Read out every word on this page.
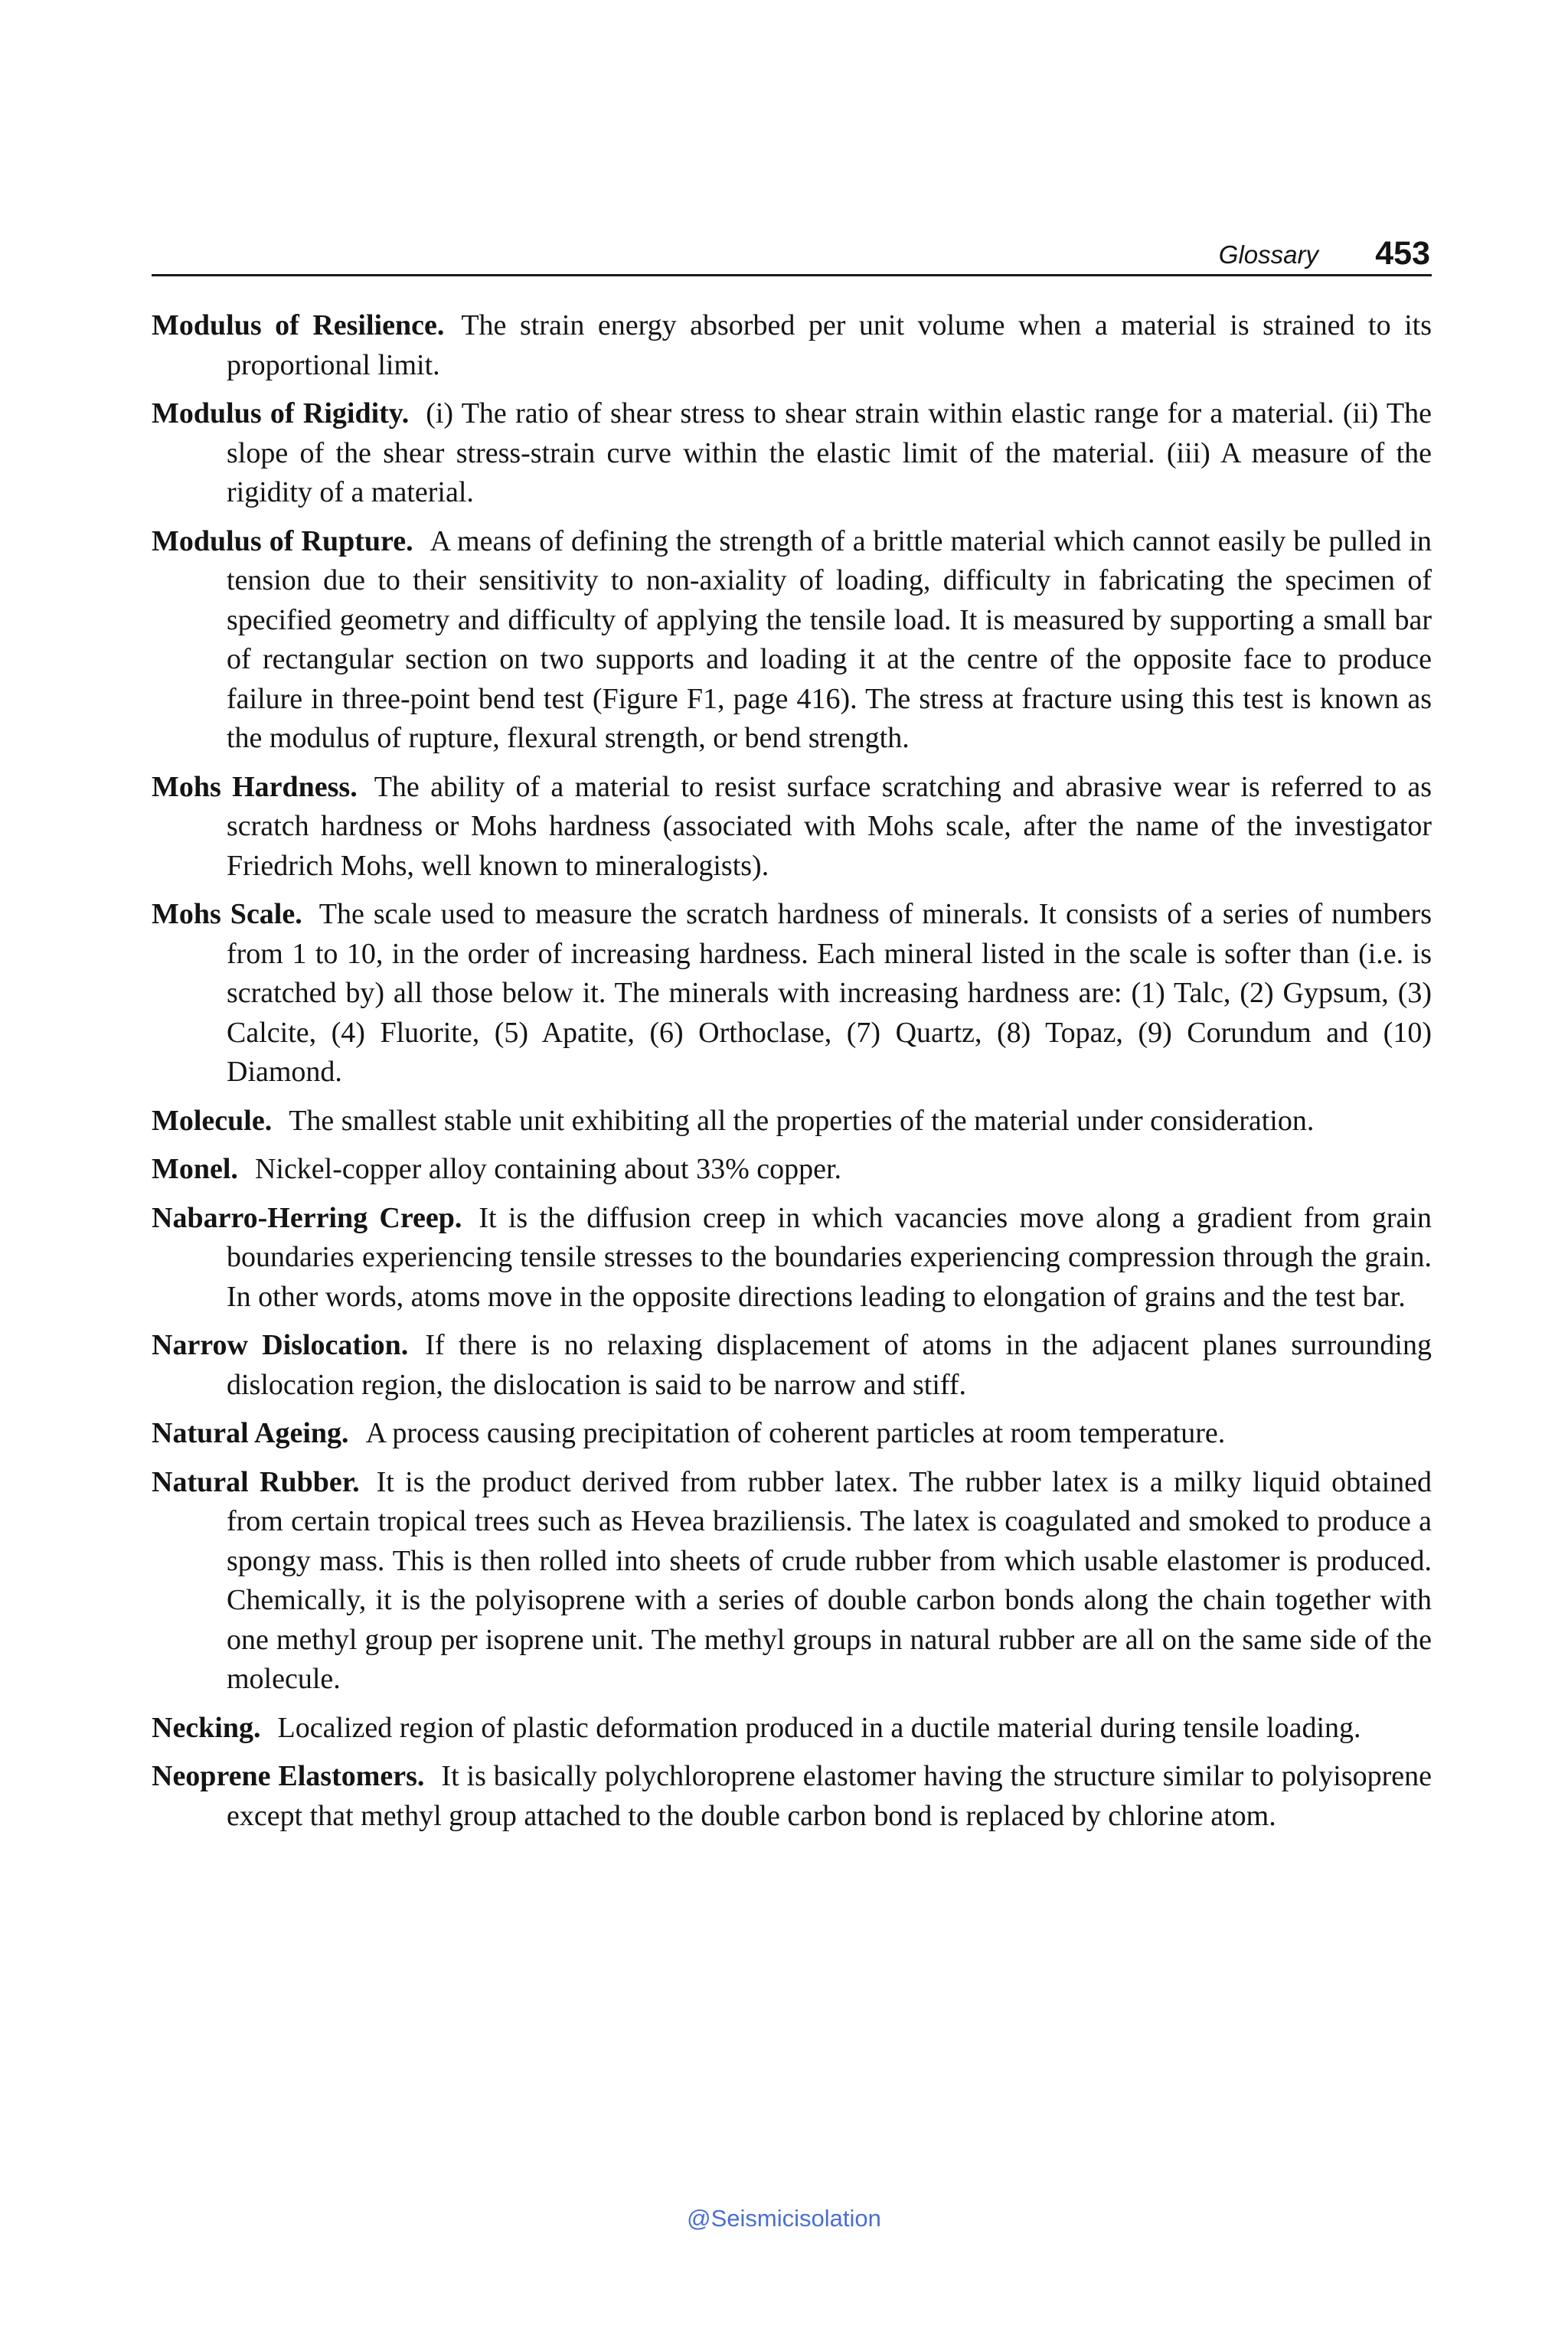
Glossary 453

Modulus of Resilience. The strain energy absorbed per unit volume when a material is strained to its proportional limit.

Modulus of Rigidity. (i) The ratio of shear stress to shear strain within elastic range for a material. (ii) The slope of the shear stress-strain curve within the elastic limit of the material. (iii) A measure of the rigidity of a material.

Modulus of Rupture. A means of defining the strength of a brittle material which cannot easily be pulled in tension due to their sensitivity to non-axiality of loading, difficulty in fabricating the specimen of specified geometry and difficulty of applying the tensile load. It is measured by supporting a small bar of rectangular section on two supports and loading it at the centre of the opposite face to produce failure in three-point bend test (Figure F1, page 416). The stress at fracture using this test is known as the modulus of rupture, flexural strength, or bend strength.

Mohs Hardness. The ability of a material to resist surface scratching and abrasive wear is referred to as scratch hardness or Mohs hardness (associated with Mohs scale, after the name of the investigator Friedrich Mohs, well known to mineralogists).

Mohs Scale. The scale used to measure the scratch hardness of minerals. It consists of a series of numbers from 1 to 10, in the order of increasing hardness. Each mineral listed in the scale is softer than (i.e. is scratched by) all those below it. The minerals with increasing hardness are: (1) Talc, (2) Gypsum, (3) Calcite, (4) Fluorite, (5) Apatite, (6) Orthoclase, (7) Quartz, (8) Topaz, (9) Corundum and (10) Diamond.

Molecule. The smallest stable unit exhibiting all the properties of the material under consideration.

Monel. Nickel-copper alloy containing about 33% copper.

Nabarro-Herring Creep. It is the diffusion creep in which vacancies move along a gradient from grain boundaries experiencing tensile stresses to the boundaries experiencing compression through the grain. In other words, atoms move in the opposite directions leading to elongation of grains and the test bar.

Narrow Dislocation. If there is no relaxing displacement of atoms in the adjacent planes surrounding dislocation region, the dislocation is said to be narrow and stiff.

Natural Ageing. A process causing precipitation of coherent particles at room temperature.

Natural Rubber. It is the product derived from rubber latex. The rubber latex is a milky liquid obtained from certain tropical trees such as Hevea braziliensis. The latex is coagulated and smoked to produce a spongy mass. This is then rolled into sheets of crude rubber from which usable elastomer is produced. Chemically, it is the polyisoprene with a series of double carbon bonds along the chain together with one methyl group per isoprene unit. The methyl groups in natural rubber are all on the same side of the molecule.

Necking. Localized region of plastic deformation produced in a ductile material during tensile loading.

Neoprene Elastomers. It is basically polychloroprene elastomer having the structure similar to polyisoprene except that methyl group attached to the double carbon bond is replaced by chlorine atom.

@Seismicisolation
